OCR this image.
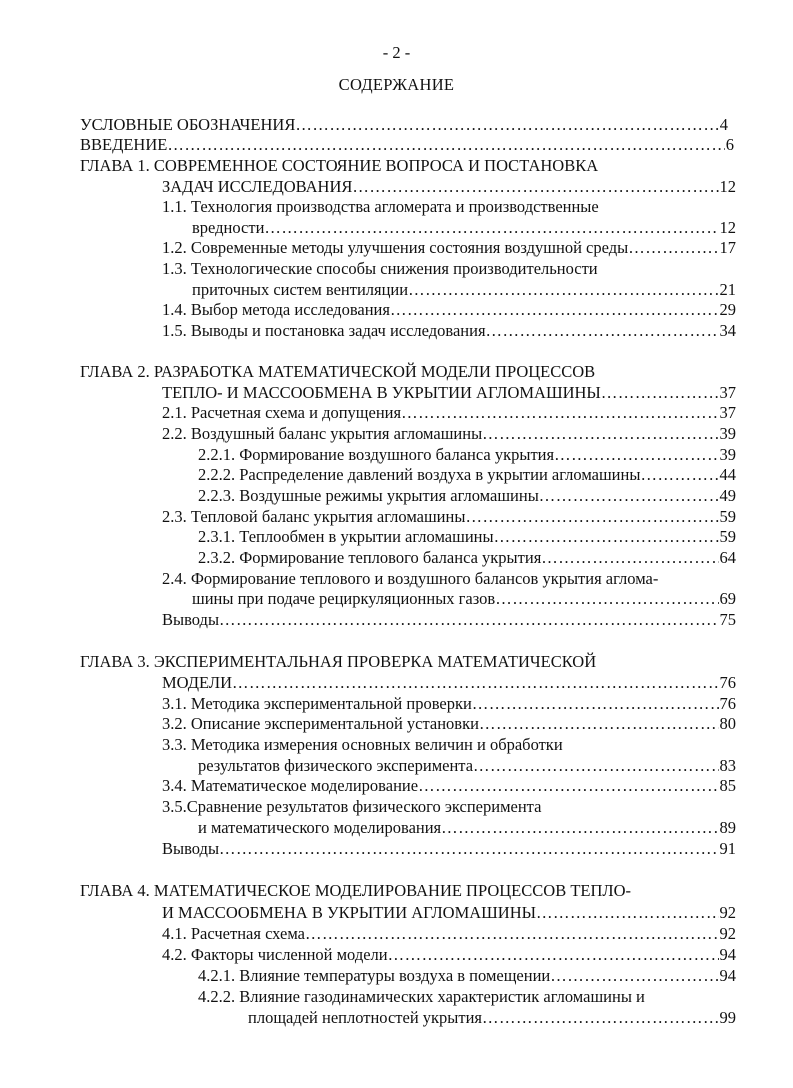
- 2 -
СОДЕРЖАНИЕ
УСЛОВНЫЕ ОБОЗНАЧЕНИЯ ………………………………………………………………………………………………………………………………………………………………………………	4
ВВЕДЕНИЕ ………………………………………………………………………………………………………………………………………………………………………………	6
ГЛАВА 1. СОВРЕМЕННОЕ СОСТОЯНИЕ ВОПРОСА И ПОСТАНОВКА
ЗАДАЧ ИССЛЕДОВАНИЯ ………………………………………………………………………………………………………………………………………………………………………………	12
1.1. Технология производства агломерата и производственные
вредности ………………………………………………………………………………………………………………………………………………………………………………	12
1.2. Современные методы улучшения состояния воздушной среды ………………………………………………………………………………………………………………………………………………………………………………	17
1.3. Технологические способы снижения производительности
приточных систем вентиляции ………………………………………………………………………………………………………………………………………………………………………………	21
1.4. Выбор метода исследования ………………………………………………………………………………………………………………………………………………………………………………	29
1.5. Выводы и постановка задач исследования ………………………………………………………………………………………………………………………………………………………………………………	34
ГЛАВА 2. РАЗРАБОТКА МАТЕМАТИЧЕСКОЙ МОДЕЛИ ПРОЦЕССОВ
ТЕПЛО- И МАССООБМЕНА В УКРЫТИИ АГЛОМАШИНЫ ………………………………………………………………………………………………………………………………………………………………………………	37
2.1. Расчетная схема и допущения ………………………………………………………………………………………………………………………………………………………………………………	37
2.2. Воздушный баланс укрытия агломашины ………………………………………………………………………………………………………………………………………………………………………………	39
2.2.1. Формирование воздушного баланса укрытия ………………………………………………………………………………………………………………………………………………………………………………	39
2.2.2. Распределение давлений воздуха в укрытии агломашины ………………………………………………………………………………………………………………………………………………………………………………	44
2.2.3. Воздушные режимы укрытия агломашины ………………………………………………………………………………………………………………………………………………………………………………	49
2.3. Тепловой баланс укрытия агломашины ………………………………………………………………………………………………………………………………………………………………………………	59
2.3.1. Теплообмен в укрытии агломашины ………………………………………………………………………………………………………………………………………………………………………………	59
2.3.2. Формирование теплового баланса укрытия ………………………………………………………………………………………………………………………………………………………………………………	64
2.4. Формирование теплового и воздушного балансов укрытия аглома-
шины при подаче рециркуляционных газов ………………………………………………………………………………………………………………………………………………………………………………	69
Выводы ………………………………………………………………………………………………………………………………………………………………………………	75
ГЛАВА 3. ЭКСПЕРИМЕНТАЛЬНАЯ ПРОВЕРКА МАТЕМАТИЧЕСКОЙ
МОДЕЛИ ………………………………………………………………………………………………………………………………………………………………………………	76
3.1. Методика экспериментальной проверки ………………………………………………………………………………………………………………………………………………………………………………	76
3.2. Описание экспериментальной установки ………………………………………………………………………………………………………………………………………………………………………………	80
3.3. Методика измерения основных величин и обработки
результатов физического эксперимента ………………………………………………………………………………………………………………………………………………………………………………	83
3.4. Математическое моделирование ………………………………………………………………………………………………………………………………………………………………………………	85
3.5.Сравнение результатов физического эксперимента
и математического моделирования ………………………………………………………………………………………………………………………………………………………………………………	89
Выводы ………………………………………………………………………………………………………………………………………………………………………………	91
ГЛАВА 4. МАТЕМАТИЧЕСКОЕ МОДЕЛИРОВАНИЕ ПРОЦЕССОВ ТЕПЛО-
И МАССООБМЕНА В УКРЫТИИ АГЛОМАШИНЫ ………………………………………………………………………………………………………………………………………………………………………………	92
4.1. Расчетная схема ………………………………………………………………………………………………………………………………………………………………………………	92
4.2. Факторы численной модели ………………………………………………………………………………………………………………………………………………………………………………	94
4.2.1. Влияние температуры воздуха в помещении ………………………………………………………………………………………………………………………………………………………………………………	94
4.2.2. Влияние газодинамических характеристик агломашины и
площадей неплотностей укрытия ………………………………………………………………………………………………………………………………………………………………………………	99
